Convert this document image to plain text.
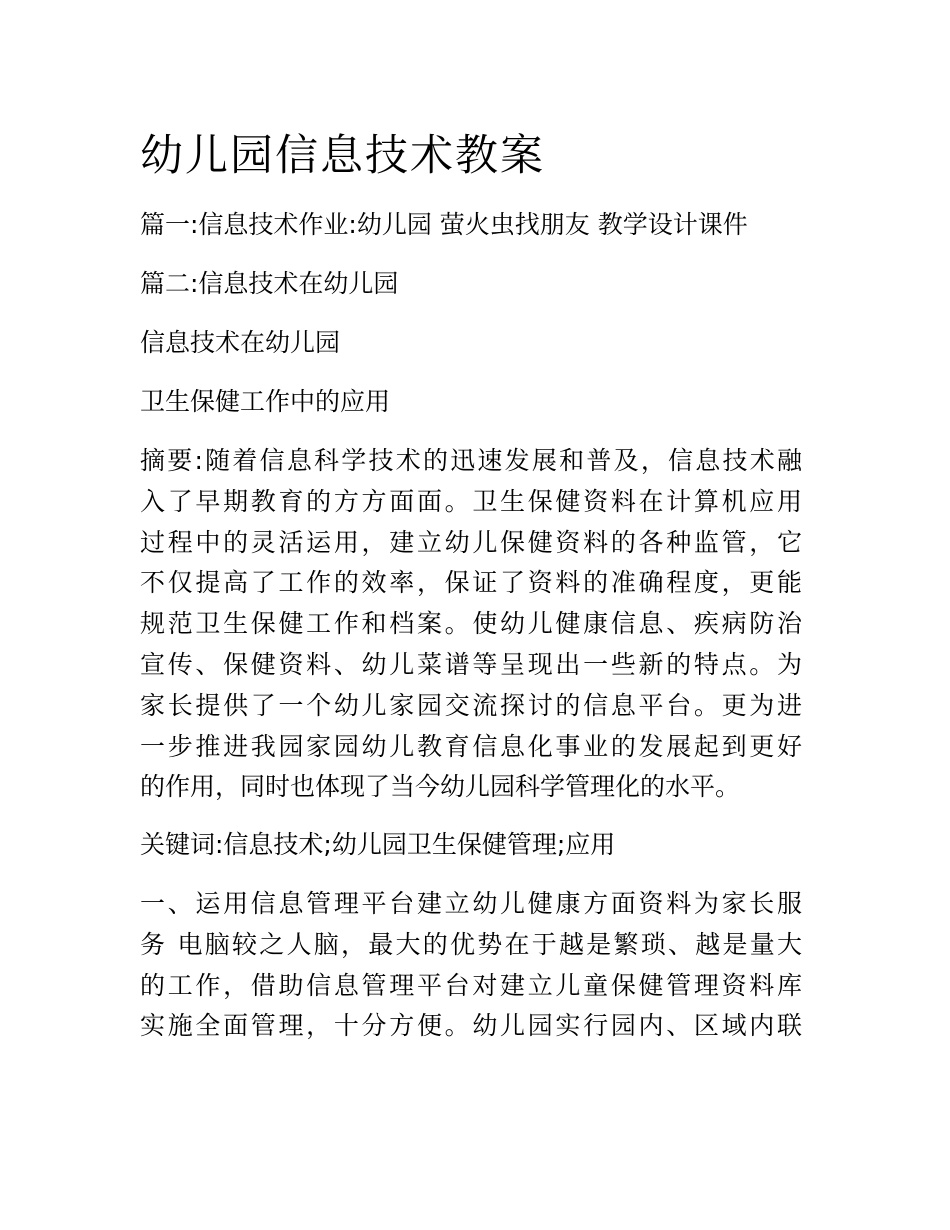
幼儿园信息技术教案

篇一:信息技术作业:幼儿园 萤火虫找朋友 教学设计课件

篇二:信息技术在幼儿园

信息技术在幼儿园

卫生保健工作中的应用

摘要:随着信息科学技术的迅速发展和普及，信息技术融
入了早期教育的方方面面。卫生保健资料在计算机应用
过程中的灵活运用，建立幼儿保健资料的各种监管，它
不仅提高了工作的效率，保证了资料的准确程度，更能
规范卫生保健工作和档案。使幼儿健康信息、疾病防治
宣传、保健资料、幼儿菜谱等呈现出一些新的特点。为
家长提供了一个幼儿家园交流探讨的信息平台。更为进
一步推进我园家园幼儿教育信息化事业的发展起到更好
的作用，同时也体现了当今幼儿园科学管理化的水平。

关键词:信息技术;幼儿园卫生保健管理;应用

一、运用信息管理平台建立幼儿健康方面资料为家长服
务 电脑较之人脑，最大的优势在于越是繁琐、越是量大
的工作，借助信息管理平台对建立儿童保健管理资料库
实施全面管理，十分方便。幼儿园实行园内、区域内联
